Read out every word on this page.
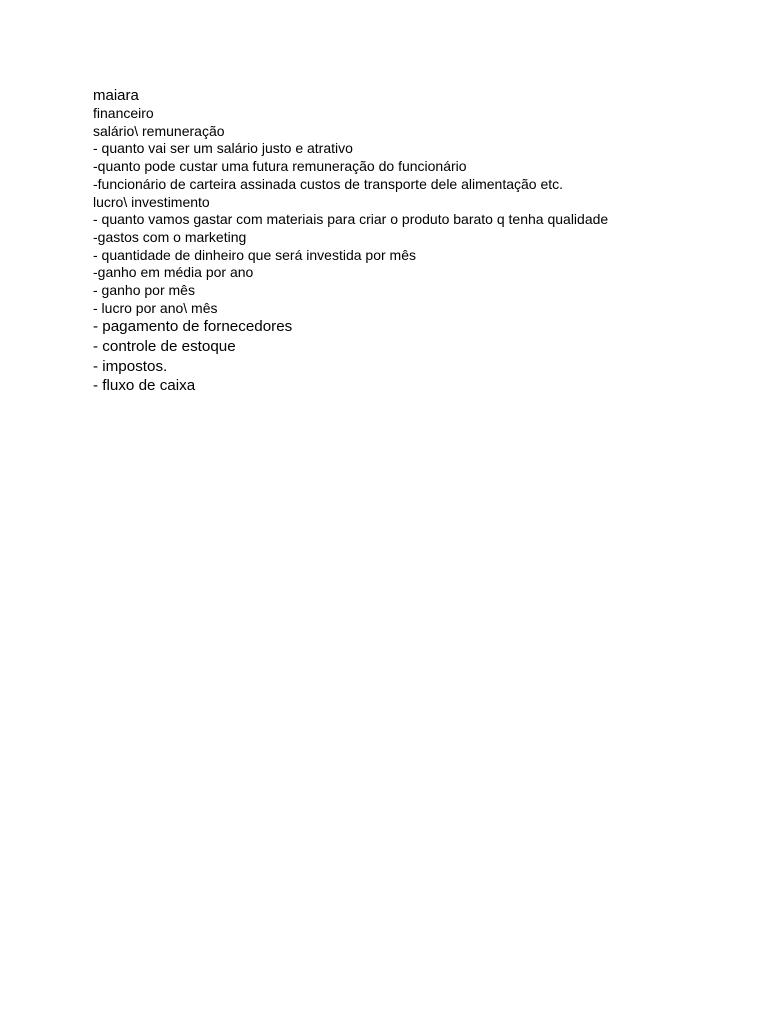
maiara
financeiro
salário\ remuneração
- quanto vai ser um salário justo e atrativo
-quanto pode custar uma futura remuneração do funcionário
-funcionário de carteira assinada custos de transporte dele alimentação etc.
lucro\ investimento
- quanto vamos gastar com materiais para criar o produto barato q tenha qualidade
-gastos com o marketing
- quantidade de dinheiro que será investida por mês
-ganho em média por ano
- ganho por mês
- lucro por ano\ mês
- pagamento de fornecedores
- controle de estoque
- impostos.
- fluxo de caixa
